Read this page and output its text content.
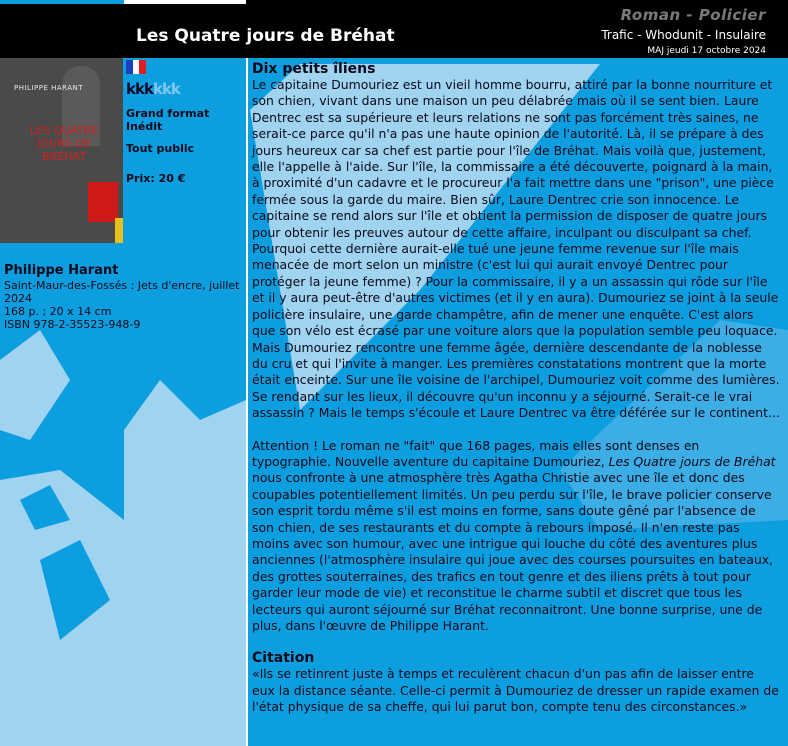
Les Quatre jours de Bréhat
Roman - Policier
Trafic - Whodunit - Insulaire
MAJ jeudi 17 octobre 2024
PHILIPPE HARANT
LES QUATRE JOURS DE BRÉHAT
kkkkkk
Grand format
Inédit
Tout public
Prix: 20 €
Philippe Harant
Saint-Maur-des-Fossés : Jets d'encre, juillet 2024
168 p. ; 20 x 14 cm
ISBN 978-2-35523-948-9
Dix petits îliens

Le capitaine Dumouriez est un vieil homme bourru, attiré par la bonne nourriture et son chien, vivant dans une maison un peu délabrée mais où il se sent bien. Laure Dentrec est sa supérieure et leurs relations ne sont pas forcément très saines, ne serait-ce parce qu'il n'a pas une haute opinion de l'autorité. Là, il se prépare à des jours heureux car sa chef est partie pour l'île de Bréhat. Mais voilà que, justement, elle l'appelle à l'aide. Sur l'île, la commissaire a été découverte, poignard à la main, à proximité d'un cadavre et le procureur l'a fait mettre dans une "prison", une pièce fermée sous la garde du maire. Bien sûr, Laure Dentrec crie son innocence. Le capitaine se rend alors sur l'île et obtient la permission de disposer de quatre jours pour obtenir les preuves autour de cette affaire, inculpant ou disculpant sa chef. Pourquoi cette dernière aurait-elle tué une jeune femme revenue sur l'île mais menacée de mort selon un ministre (c'est lui qui aurait envoyé Dentrec pour protéger la jeune femme) ? Pour la commissaire, il y a un assassin qui rôde sur l'île et il y aura peut-être d'autres victimes (et il y en aura). Dumouriez se joint à la seule policière insulaire, une garde champêtre, afin de mener une enquête. C'est alors que son vélo est écrasé par une voiture alors que la population semble peu loquace. Mais Dumouriez rencontre une femme âgée, dernière descendante de la noblesse du cru et qui l'invite à manger. Les premières constatations montrent que la morte était enceinte. Sur une île voisine de l'archipel, Dumouriez voit comme des lumières. Se rendant sur les lieux, il découvre qu'un inconnu y a séjourné. Serait-ce le vrai assassin ? Mais le temps s'écoule et Laure Dentrec va être déférée sur le continent...

Attention ! Le roman ne "fait" que 168 pages, mais elles sont denses en typographie. Nouvelle aventure du capitaine Dumouriez, Les Quatre jours de Bréhat nous confronte à une atmosphère très Agatha Christie avec une île et donc des coupables potentiellement limités. Un peu perdu sur l'île, le brave policier conserve son esprit tordu même s'il est moins en forme, sans doute gêné par l'absence de son chien, de ses restaurants et du compte à rebours imposé. Il n'en reste pas moins avec son humour, avec une intrigue qui louche du côté des aventures plus anciennes (l'atmosphère insulaire qui joue avec des courses poursuites en bateaux, des grottes souterraines, des trafics en tout genre et des iliens prêts à tout pour garder leur mode de vie) et reconstitue le charme subtil et discret que tous les lecteurs qui auront séjourné sur Bréhat reconnaitront. Une bonne surprise, une de plus, dans l'œuvre de Philippe Harant.

Citation

«Ils se retinrent juste à temps et reculèrent chacun d'un pas afin de laisser entre eux la distance séante. Celle-ci permit à Dumouriez de dresser un rapide examen de l'état physique de sa cheffe, qui lui parut bon, compte tenu des circonstances.»
